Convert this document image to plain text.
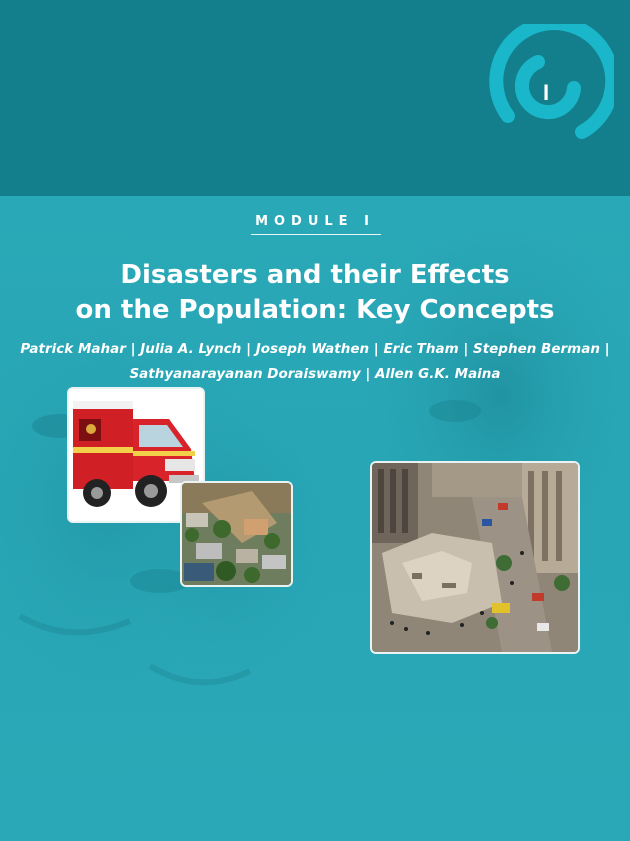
I
MODULE I
Disasters and their Effects
on the Population: Key Concepts
Patrick Mahar | Julia A. Lynch | Joseph Wathen | Eric Tham | Stephen Berman |
Sathyanarayanan Doraiswamy | Allen G.K. Maina
